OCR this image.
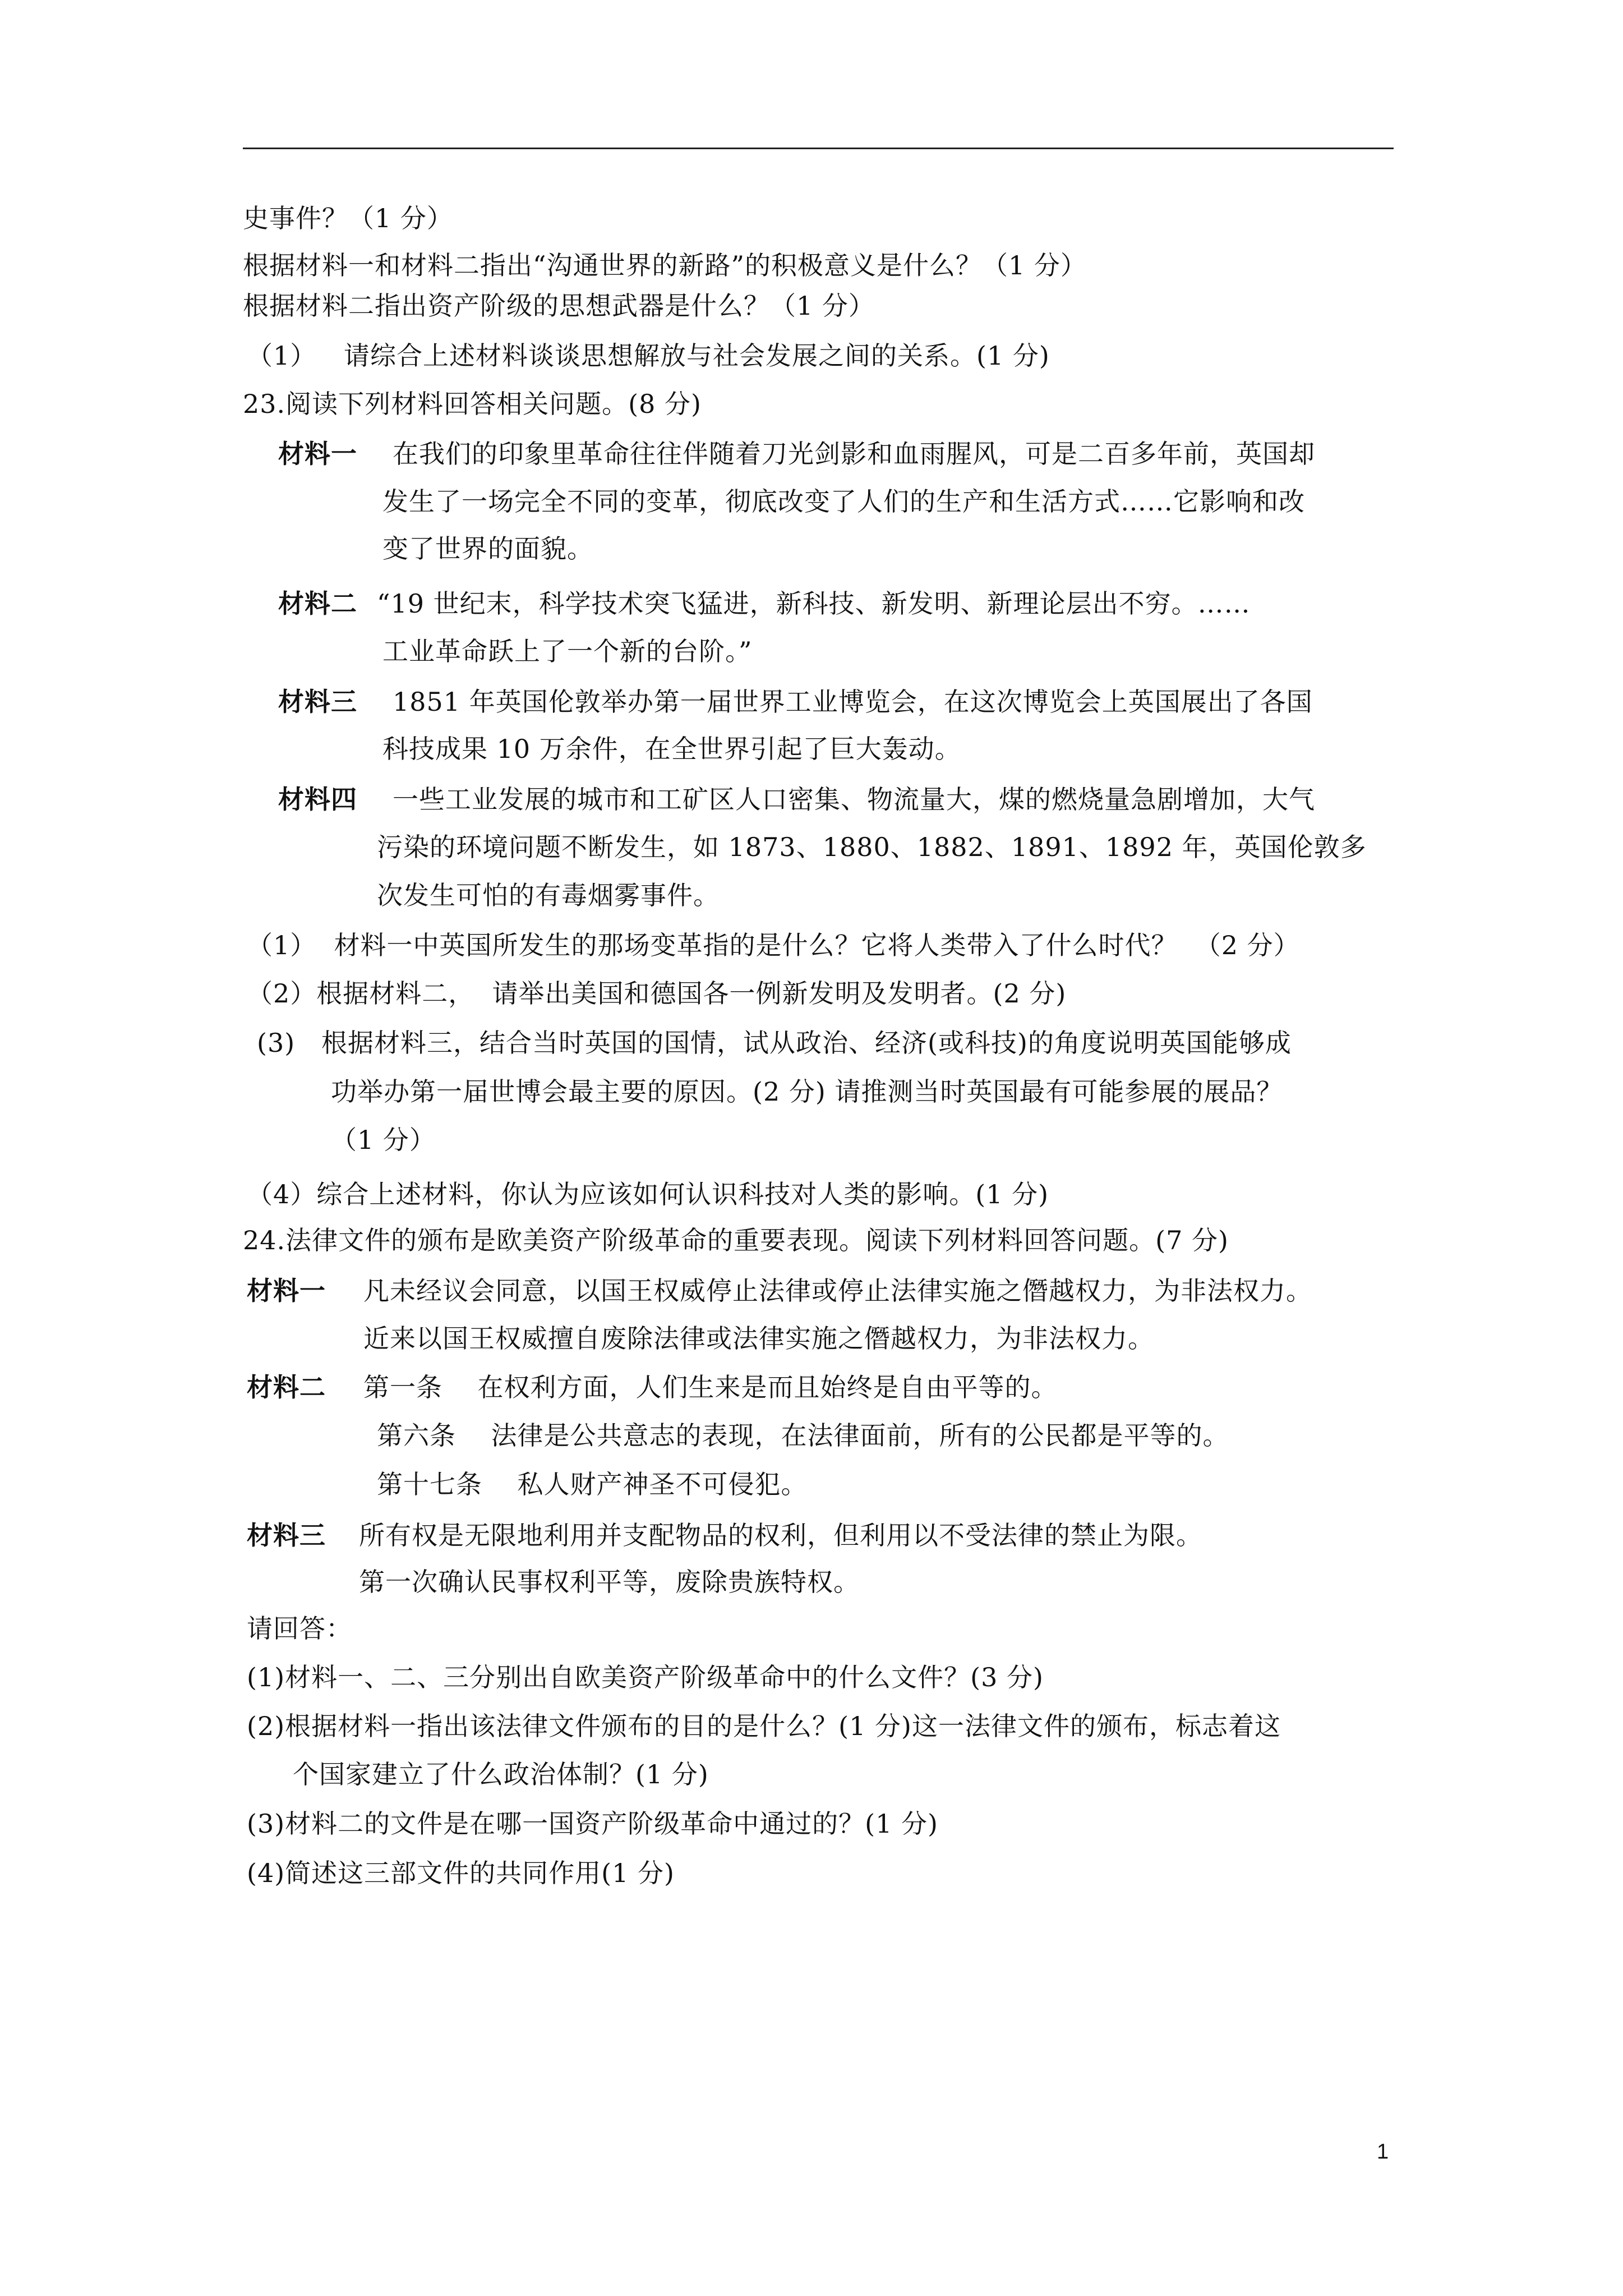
史事件？（1 分）
根据材料一和材料二指出“沟通世界的新路”的积极意义是什么？（1 分）
根据材料二指出资产阶级的思想武器是什么？（1 分）
（1） 请综合上述材料谈谈思想解放与社会发展之间的关系。(1 分)
23.阅读下列材料回答相关问题。(8 分)
材料一 在我们的印象里革命往往伴随着刀光剑影和血雨腥风，可是二百多年前，英国却
发生了一场完全不同的变革，彻底改变了人们的生产和生活方式……它影响和改
变了世界的面貌。
材料二 “19 世纪末，科学技术突飞猛进，新科技、新发明、新理论层出不穷。……
工业革命跃上了一个新的台阶。”
材料三 1851 年英国伦敦举办第一届世界工业博览会，在这次博览会上英国展出了各国
科技成果 10 万余件，在全世界引起了巨大轰动。
材料四 一些工业发展的城市和工矿区人口密集、物流量大，煤的燃烧量急剧增加，大气
污染的环境问题不断发生，如 1873、1880、1882、1891、1892 年，英国伦敦多
次发生可怕的有毒烟雾事件。
（1）  材料一中英国所发生的那场变革指的是什么？它将人类带入了什么时代？  （2 分）
（2）根据材料二，  请举出美国和德国各一例新发明及发明者。(2 分)
(3)   根据材料三，结合当时英国的国情，试从政治、经济(或科技)的角度说明英国能够成
功举办第一届世博会最主要的原因。(2 分) 请推测当时英国最有可能参展的展品？
（1 分）
（4）综合上述材料，你认为应该如何认识科技对人类的影响。(1 分)
24.法律文件的颁布是欧美资产阶级革命的重要表现。阅读下列材料回答问题。(7 分)
材料一 凡未经议会同意，以国王权威停止法律或停止法律实施之僭越权力，为非法权力。
近来以国王权威擅自废除法律或法律实施之僭越权力，为非法权力。
材料二 第一条    在权利方面，人们生来是而且始终是自由平等的。
第六条    法律是公共意志的表现，在法律面前，所有的公民都是平等的。
第十七条    私人财产神圣不可侵犯。
材料三 所有权是无限地利用并支配物品的权利，但利用以不受法律的禁止为限。
第一次确认民事权利平等，废除贵族特权。
请回答：
(1)材料一、二、三分别出自欧美资产阶级革命中的什么文件？(3 分)
(2)根据材料一指出该法律文件颁布的目的是什么？(1 分)这一法律文件的颁布，标志着这
个国家建立了什么政治体制？(1 分)
(3)材料二的文件是在哪一国资产阶级革命中通过的？(1 分)
(4)简述这三部文件的共同作用(1 分)
1
